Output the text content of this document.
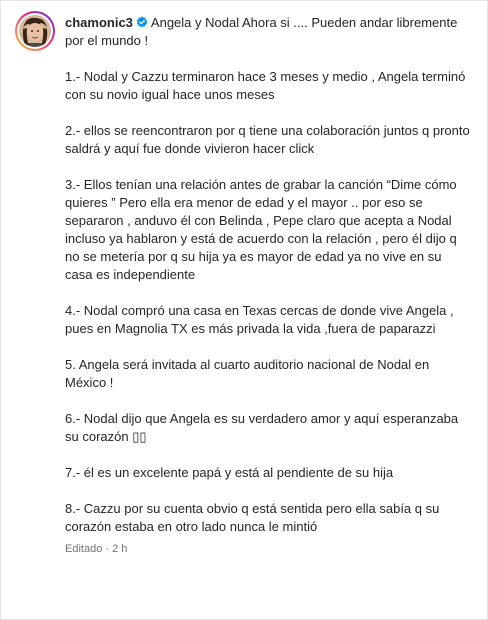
chamonic3 Angela y Nodal Ahora si .... Pueden andar libremente por el mundo !

1.- Nodal y Cazzu terminaron hace 3 meses y medio , Angela terminó con su novio igual hace unos meses

2.- ellos se reencontraron por q tiene una colaboración juntos q pronto saldrá y aquí fue donde vivieron hacer click

3.- Ellos tenían una relación antes de grabar la canción “Dime cómo quieres ” Pero ella era menor de edad y el mayor .. por eso se separaron , anduvo él con Belinda , Pepe claro que acepta a Nodal incluso ya hablaron y está de acuerdo con la relación , pero él dijo q no se metería por q su hija ya es mayor de edad ya no vive en su casa es independiente

4.- Nodal compró una casa en Texas cercas de donde vive Angela , pues en Magnolia TX es más privada la vida ,fuera de paparazzi

5. Angela será invitada al cuarto auditorio nacional de Nodal en México !

6.- Nodal dijo que Angela es su verdadero amor y aquí esperanzaba su corazón ▯▯

7.- él es un excelente papá y está al pendiente de su hija

8.- Cazzu por su cuenta obvio q está sentida pero ella sabía q su corazón estaba en otro lado nunca le mintió

Editado · 2 h
